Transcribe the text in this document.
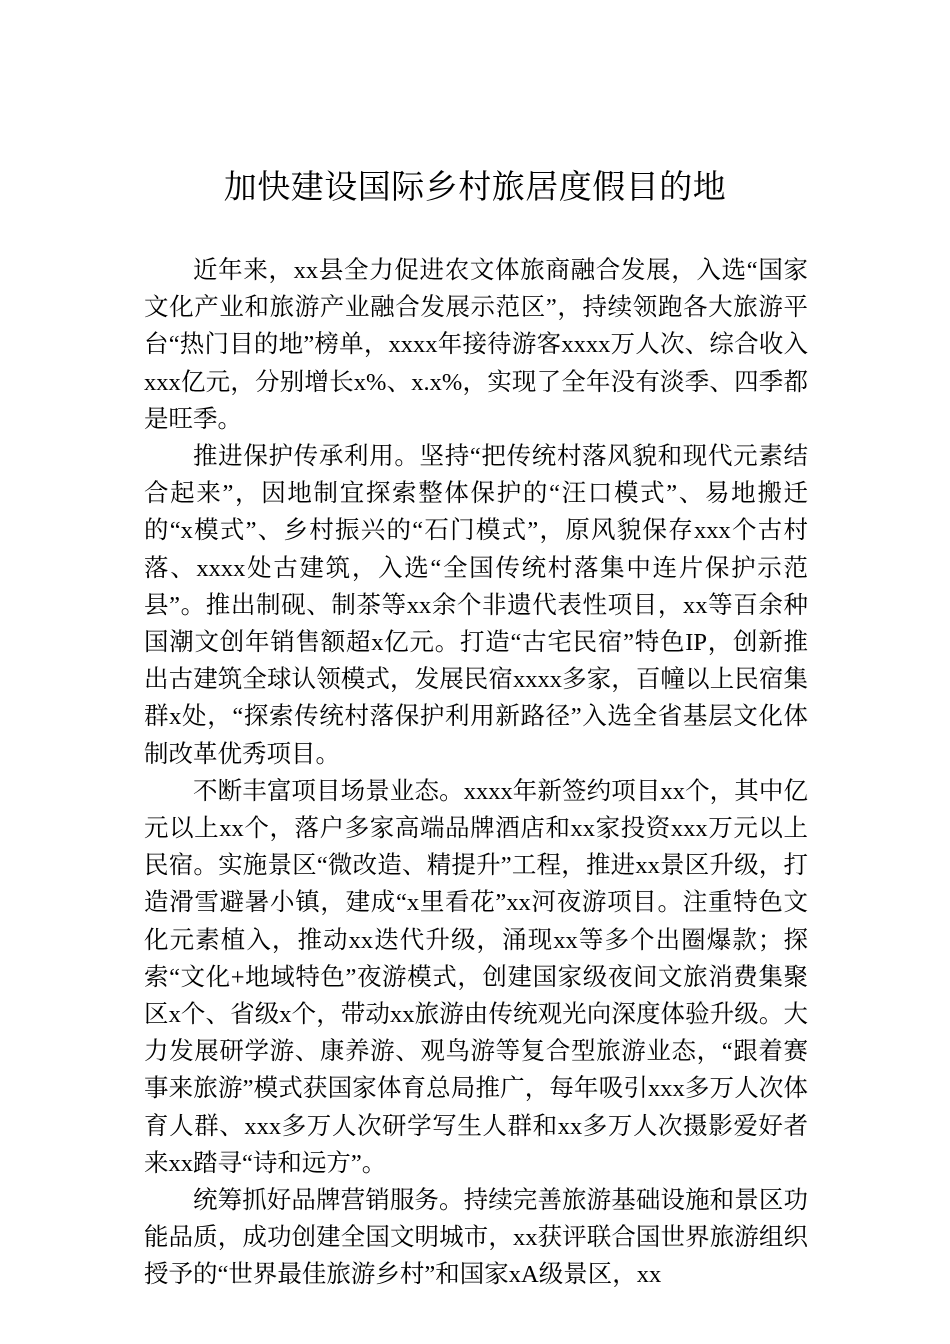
加快建设国际乡村旅居度假目的地

近年来，xx县全力促进农文体旅商融合发展，入选“国家文化产业和旅游产业融合发展示范区”，持续领跑各大旅游平台“热门目的地”榜单，xxxx年接待游客xxxx万人次、综合收入xxx亿元，分别增长x%、x.x%，实现了全年没有淡季、四季都是旺季。

推进保护传承利用。坚持“把传统村落风貌和现代元素结合起来”，因地制宜探索整体保护的“汪口模式”、易地搬迁的“x模式”、乡村振兴的“石门模式”，原风貌保存xxx个古村落、xxxx处古建筑，入选“全国传统村落集中连片保护示范县”。推出制砚、制茶等xx余个非遗代表性项目，xx等百余种国潮文创年销售额超x亿元。打造“古宅民宿”特色IP，创新推出古建筑全球认领模式，发展民宿xxxx多家，百幢以上民宿集群x处，“探索传统村落保护利用新路径”入选全省基层文化体制改革优秀项目。

不断丰富项目场景业态。xxxx年新签约项目xx个，其中亿元以上xx个，落户多家高端品牌酒店和xx家投资xxx万元以上民宿。实施景区“微改造、精提升”工程，推进xx景区升级，打造滑雪避暑小镇，建成“x里看花”xx河夜游项目。注重特色文化元素植入，推动xx迭代升级，涌现xx等多个出圈爆款；探索“文化+地域特色”夜游模式，创建国家级夜间文旅消费集聚区x个、省级x个，带动xx旅游由传统观光向深度体验升级。大力发展研学游、康养游、观鸟游等复合型旅游业态，“跟着赛事来旅游”模式获国家体育总局推广，每年吸引xxx多万人次体育人群、xxx多万人次研学写生人群和xx多万人次摄影爱好者来xx踏寻“诗和远方”。

统筹抓好品牌营销服务。持续完善旅游基础设施和景区功能品质，成功创建全国文明城市，xx获评联合国世界旅游组织授予的“世界最佳旅游乡村”和国家xA级景区，xx
